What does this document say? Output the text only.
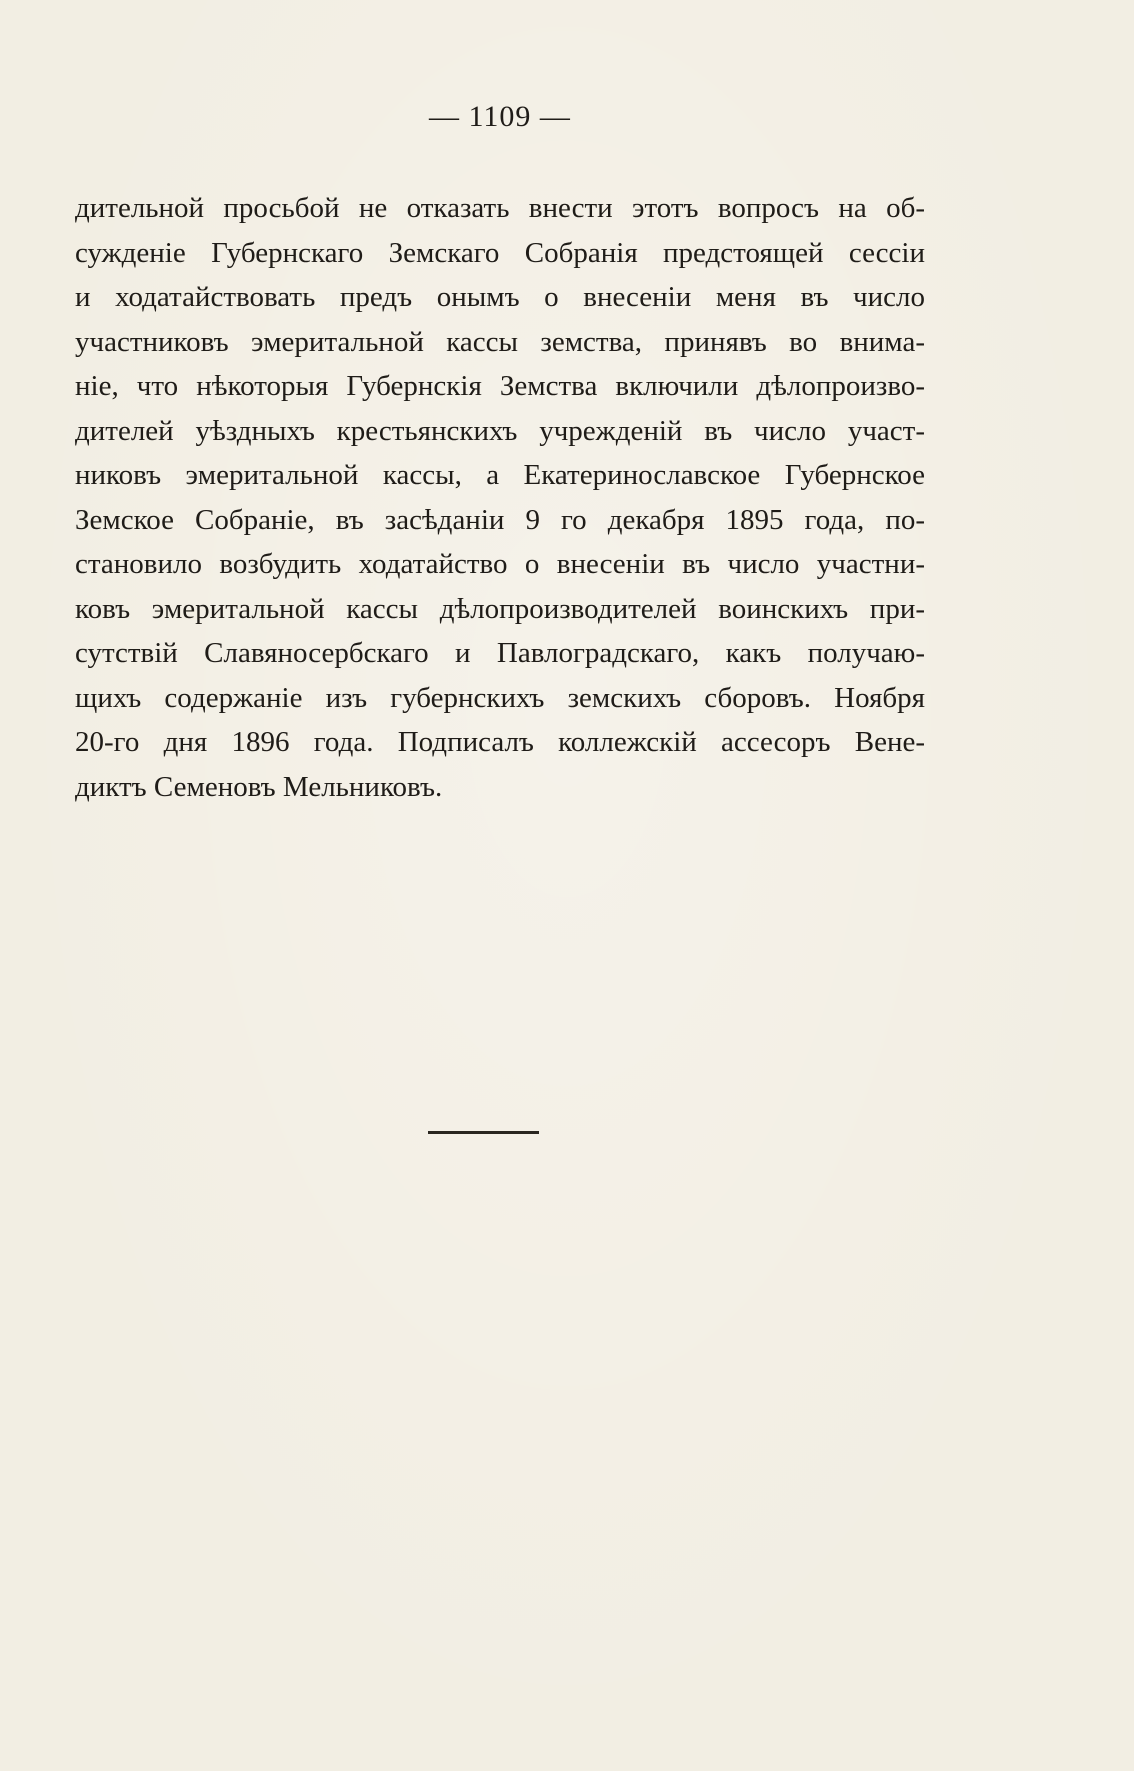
— 1109 —
дительной просьбой не отказать внести этотъ вопросъ на об-
сужденіе Губернскаго Земскаго Собранія предстоящей сессіи
и ходатайствовать предъ онымъ о внесеніи меня въ число
участниковъ эмеритальной кассы земства, принявъ во внима-
ніе, что нѣкоторыя Губернскія Земства включили дѣлопроизво-
дителей уѣздныхъ крестьянскихъ учрежденій въ число участ-
никовъ эмеритальной кассы, а Екатеринославское Губернское
Земское Собраніе, въ засѣданіи 9 го декабря 1895 года, по-
становило возбудить ходатайство о внесеніи въ число участни-
ковъ эмеритальной кассы дѣлопроизводителей воинскихъ при-
сутствій Славяносербскаго и Павлоградскаго, какъ получаю-
щихъ содержаніе изъ губернскихъ земскихъ сборовъ. Ноября
20-го дня 1896 года. Подписалъ коллежскій ассесоръ Вене-
диктъ Семеновъ Мельниковъ.
